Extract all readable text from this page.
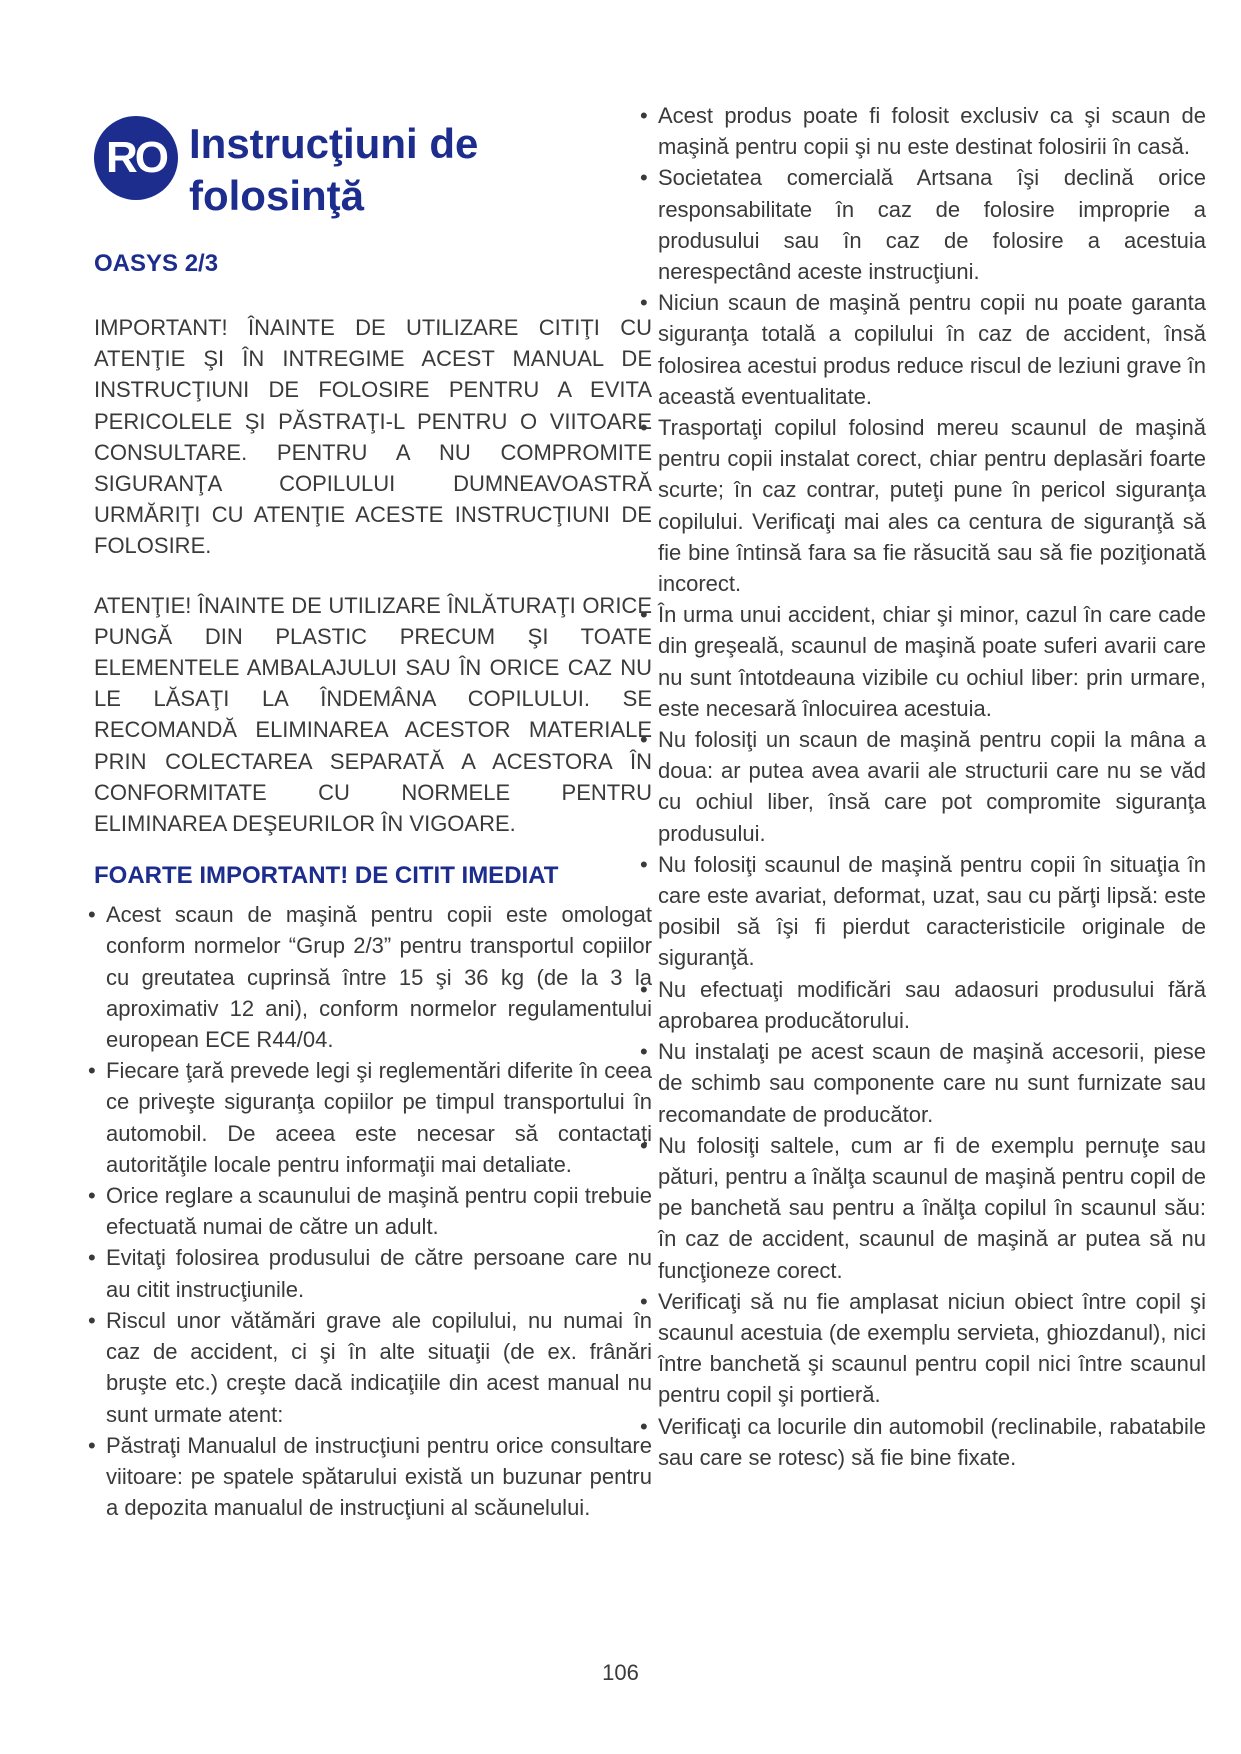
RO Instrucţiuni de
folosinţă
OASYS 2/3

IMPORTANT! ÎNAINTE DE UTILIZARE CITIŢI CU ATENŢIE ŞI ÎN INTREGIME ACEST MANUAL DE INSTRUCŢIUNI DE FOLOSIRE PENTRU A EVITA PERICOLELE ŞI PĂSTRAŢI-L PENTRU O VIITOARE CONSULTARE. PENTRU A NU COMPROMITE SIGURANŢA COPILULUI DUMNEAVOASTRĂ URMĂRIŢI CU ATENŢIE ACESTE INSTRUCŢIUNI DE FOLOSIRE.

ATENŢIE! ÎNAINTE DE UTILIZARE ÎNLĂTURAŢI ORICE PUNGĂ DIN PLASTIC PRECUM ŞI TOATE ELEMENTELE AMBALAJULUI SAU ÎN ORICE CAZ NU LE LĂSAŢI LA ÎNDEMÂNA COPILULUI. SE RECOMANDĂ ELIMINAREA ACESTOR MATERIALE PRIN COLECTAREA SEPARATĂ A ACESTORA ÎN CONFORMITATE CU NORMELE PENTRU ELIMINAREA DEŞEURILOR ÎN VIGOARE.

FOARTE IMPORTANT! DE CITIT IMEDIAT
• Acest scaun de maşină pentru copii este omologat conform normelor “Grup 2/3” pentru transportul copiilor cu greutatea cuprinsă între 15 şi 36 kg (de la 3 la aproximativ 12 ani), conform normelor regulamentului european ECE R44/04.
• Fiecare ţară prevede legi şi reglementări diferite în ceea ce priveşte siguranţa copiilor pe timpul transportului în automobil. De aceea este necesar să contactaţi autorităţile locale pentru informaţii mai detaliate.
• Orice reglare a scaunului de maşină pentru copii trebuie efectuată numai de către un adult.
• Evitaţi folosirea produsului de către persoane care nu au citit instrucţiunile.
• Riscul unor vătămări grave ale copilului, nu numai în caz de accident, ci şi în alte situaţii (de ex. frânări bruşte etc.) creşte dacă indicaţiile din acest manual nu sunt urmate atent:
• Păstraţi Manualul de instrucţiuni pentru orice consultare viitoare: pe spatele spătarului există un buzunar pentru a depozita manualul de instrucţiuni al scăunelului.
• Acest produs poate fi folosit exclusiv ca şi scaun de maşină pentru copii şi nu este destinat folosirii în casă.
• Societatea comercială Artsana îşi declină orice responsabilitate în caz de folosire improprie a produsului sau în caz de folosire a acestuia nerespectând aceste instrucţiuni.
• Niciun scaun de maşină pentru copii nu poate garanta siguranţa totală a copilului în caz de accident, însă folosirea acestui produs reduce riscul de leziuni grave în această eventualitate.
• Trasportaţi copilul folosind mereu scaunul de maşină pentru copii instalat corect, chiar pentru deplasări foarte scurte; în caz contrar, puteţi pune în pericol siguranţa copilului. Verificaţi mai ales ca centura de siguranţă să fie bine întinsă fara sa fie răsucită sau să fie poziţionată incorect.
• În urma unui accident, chiar şi minor, cazul în care cade din greşeală, scaunul de maşină poate suferi avarii care nu sunt întotdeauna vizibile cu ochiul liber: prin urmare, este necesară înlocuirea acestuia.
• Nu folosiţi un scaun de maşină pentru copii la mâna a doua: ar putea avea avarii ale structurii care nu se văd cu ochiul liber, însă care pot compromite siguranţa produsului.
• Nu folosiţi scaunul de maşină pentru copii în situaţia în care este avariat, deformat, uzat, sau cu părţi lipsă: este posibil să îşi fi pierdut caracteristicile originale de siguranţă.
• Nu efectuaţi modificări sau adaosuri produsului fără aprobarea producătorului.
• Nu instalaţi pe acest scaun de maşină accesorii, piese de schimb sau componente care nu sunt furnizate sau recomandate de producător.
• Nu folosiţi saltele, cum ar fi de exemplu pernuţe sau pături, pentru a înălţa scaunul de maşină pentru copil de pe banchetă sau pentru a înălţa copilul în scaunul său: în caz de accident, scaunul de maşină ar putea să nu funcţioneze corect.
• Verificaţi să nu fie amplasat niciun obiect între copil şi scaunul acestuia (de exemplu servieta, ghiozdanul), nici între banchetă şi scaunul pentru copil nici între scaunul pentru copil şi portieră.
• Verificaţi ca locurile din automobil (reclinabile, rabatabile sau care se rotesc) să fie bine fixate.
106
